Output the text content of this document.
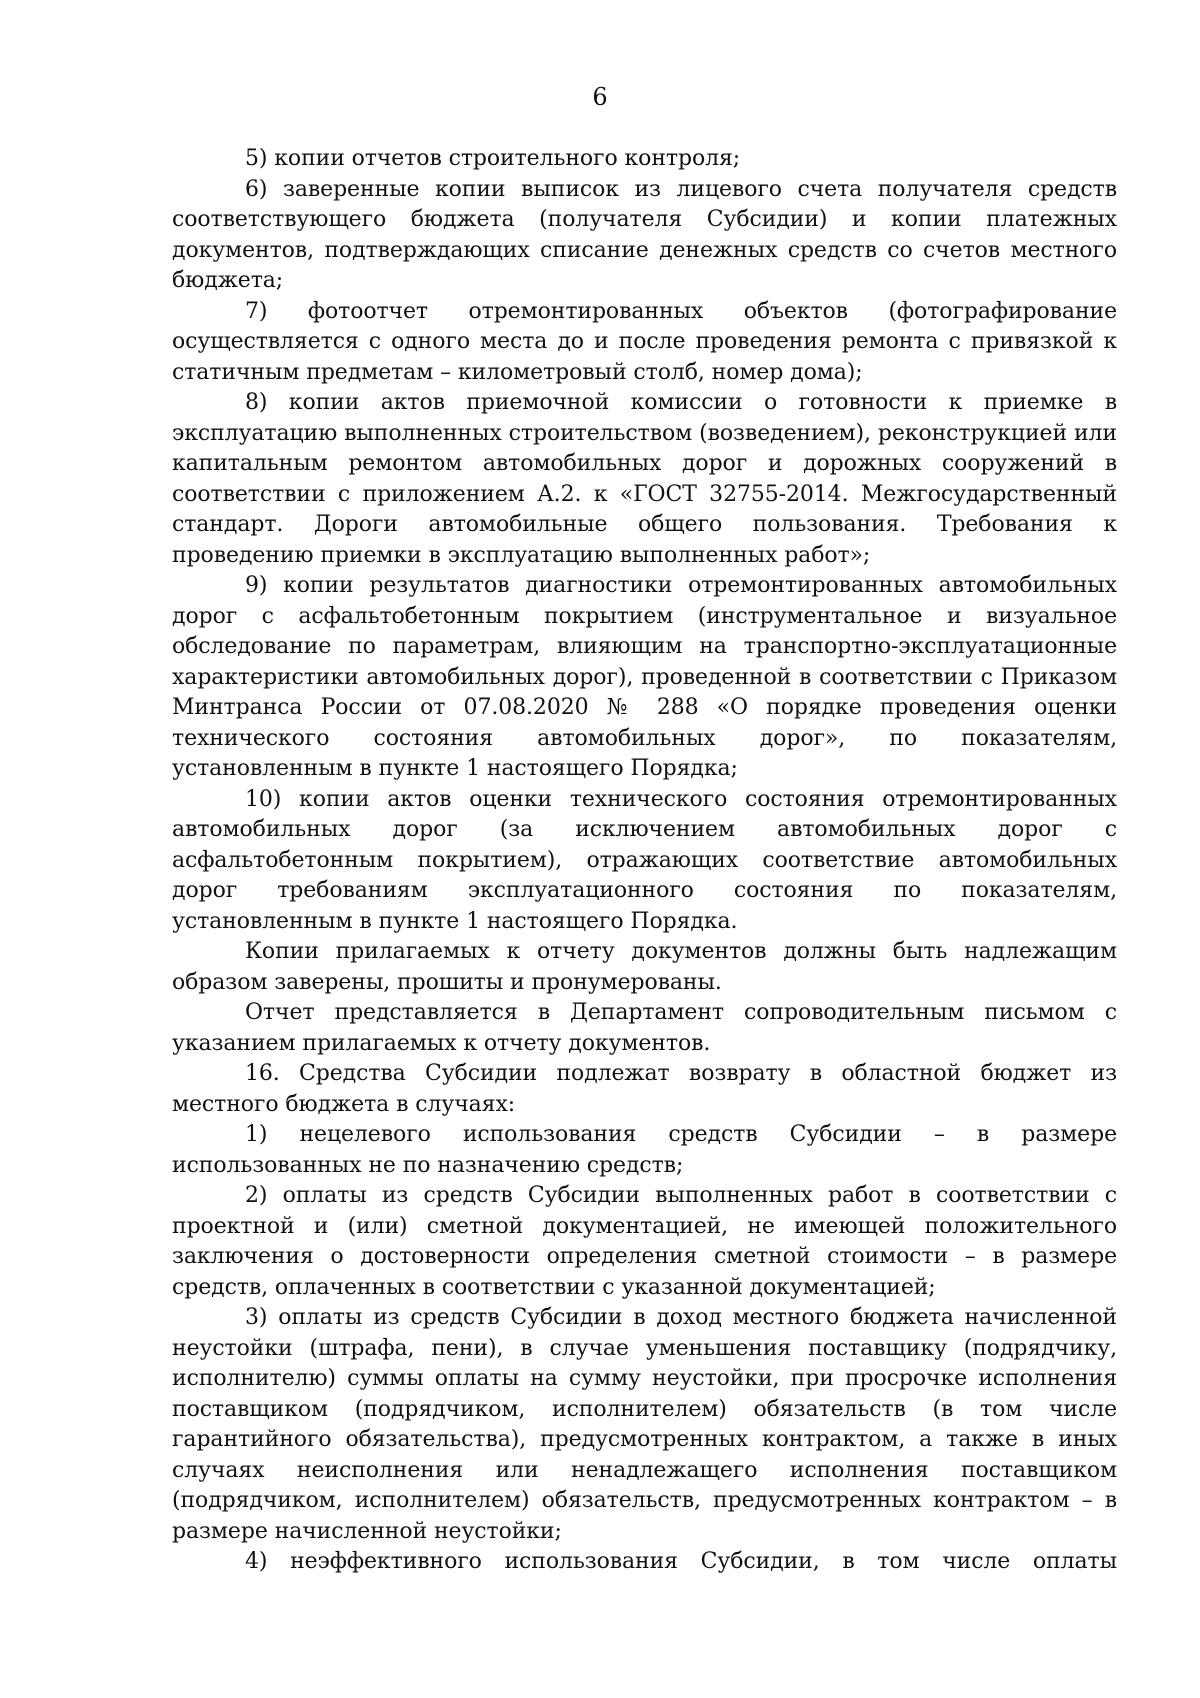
6

5) копии отчетов строительного контроля;

6) заверенные копии выписок из лицевого счета получателя средств соответствующего бюджета (получателя Субсидии) и копии платежных документов, подтверждающих списание денежных средств со счетов местного бюджета;

7) фотоотчет отремонтированных объектов (фотографирование осуществляется с одного места до и после проведения ремонта с привязкой к статичным предметам – километровый столб, номер дома);

8) копии актов приемочной комиссии о готовности к приемке в эксплуатацию выполненных строительством (возведением), реконструкцией или капитальным ремонтом автомобильных дорог и дорожных сооружений в соответствии с приложением А.2. к «ГОСТ 32755-2014. Межгосударственный стандарт. Дороги автомобильные общего пользования. Требования к проведению приемки в эксплуатацию выполненных работ»;

9) копии результатов диагностики отремонтированных автомобильных дорог с асфальтобетонным покрытием (инструментальное и визуальное обследование по параметрам, влияющим на транспортно-эксплуатационные характеристики автомобильных дорог), проведенной в соответствии с Приказом Минтранса России от 07.08.2020 № 288 «О порядке проведения оценки технического состояния автомобильных дорог», по показателям, установленным в пункте 1 настоящего Порядка;

10) копии актов оценки технического состояния отремонтированных автомобильных дорог (за исключением автомобильных дорог с асфальтобетонным покрытием), отражающих соответствие автомобильных дорог требованиям эксплуатационного состояния по показателям, установленным в пункте 1 настоящего Порядка.

Копии прилагаемых к отчету документов должны быть надлежащим образом заверены, прошиты и пронумерованы.

Отчет представляется в Департамент сопроводительным письмом с указанием прилагаемых к отчету документов.

16. Средства Субсидии подлежат возврату в областной бюджет из местного бюджета в случаях:

1) нецелевого использования средств Субсидии – в размере использованных не по назначению средств;

2) оплаты из средств Субсидии выполненных работ в соответствии с проектной и (или) сметной документацией, не имеющей положительного заключения о достоверности определения сметной стоимости – в размере средств, оплаченных в соответствии с указанной документацией;

3) оплаты из средств Субсидии в доход местного бюджета начисленной неустойки (штрафа, пени), в случае уменьшения поставщику (подрядчику, исполнителю) суммы оплаты на сумму неустойки, при просрочке исполнения поставщиком (подрядчиком, исполнителем) обязательств (в том числе гарантийного обязательства), предусмотренных контрактом, а также в иных случаях неисполнения или ненадлежащего исполнения поставщиком (подрядчиком, исполнителем) обязательств, предусмотренных контрактом – в размере начисленной неустойки;

4) неэффективного использования Субсидии, в том числе оплаты
